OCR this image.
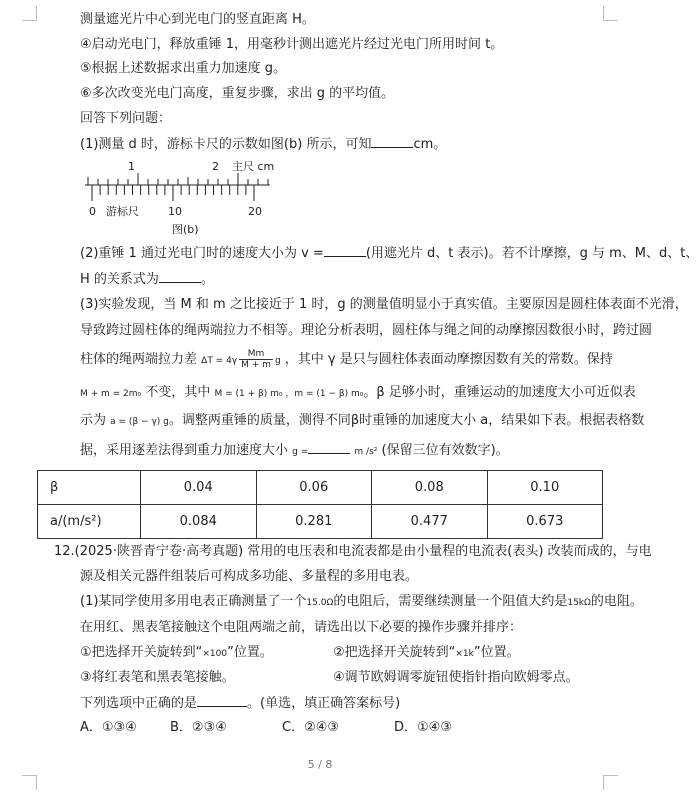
测量遮光片中心到光电门的竖直距离 H。
④启动光电门，释放重锤 1，用毫秒计测出遮光片经过光电门所用时间 t。
⑤根据上述数据求出重力加速度 g。
⑥多次改变光电门高度，重复步骤，求出 g 的平均值。
回答下列问题：
(1)测量 d 时，游标卡尺的示数如图(b) 所示，可知	cm。
1	2 主尺 cm
0 游标尺	10	20
图(b)
(2)重锤 1 通过光电门时的速度大小为 v =	(用遮光片 d、t 表示)。若不计摩擦，g 与 m、M、d、t、
H 的关系式为	。
(3)实验发现，当 M 和 m 之比接近于 1 时，g 的测量值明显小于真实值。主要原因是圆柱体表面不光滑，
导致跨过圆柱体的绳两端拉力不相等。理论分析表明，圆柱体与绳之间的动摩擦因数很小时，跨过圆
柱体的绳两端拉力差 $\Delta T = 4\gamma \frac{Mm}{M + m}$ g ，其中 γ 是只与圆柱体表面动摩擦因数有关的常数。保持
M + m = 2m₀ 不变，其中 M = (1 + β) m₀ ，m = (1 − β) m₀。β 足够小时，重锤运动的加速度大小可近似表
示为 a = (β − γ) g。调整两重锤的质量，测得不同β时重锤的加速度大小 a，结果如下表。根据表格数
据，采用逐差法得到重力加速度大小 g =	m /s² (保留三位有效数字)。
β	0.04	0.06	0.08	0.10
a/(m/s²)	0.084	0.281	0.477	0.673
12.(2025·陕晋青宁卷·高考真题) 常用的电压表和电流表都是由小量程的电流表(表头) 改装而成的，与电
源及相关元器件组装后可构成多功能、多量程的多用电表。
(1)某同学使用多用电表正确测量了一个15.0Ω的电阻后，需要继续测量一个阻值大约是15kΩ的电阻。
在用红、黑表笔接触这个电阻两端之前，请选出以下必要的操作步骤并排序：
①把选择开关旋转到“×100”位置。	②把选择开关旋转到“×1k”位置。
③将红表笔和黑表笔接触。	④调节欧姆调零旋钮使指针指向欧姆零点。
下列选项中正确的是	。(单选，填正确答案标号)
A．①③④	B．②③④	C．②④③	D．①④③
5 / 8
